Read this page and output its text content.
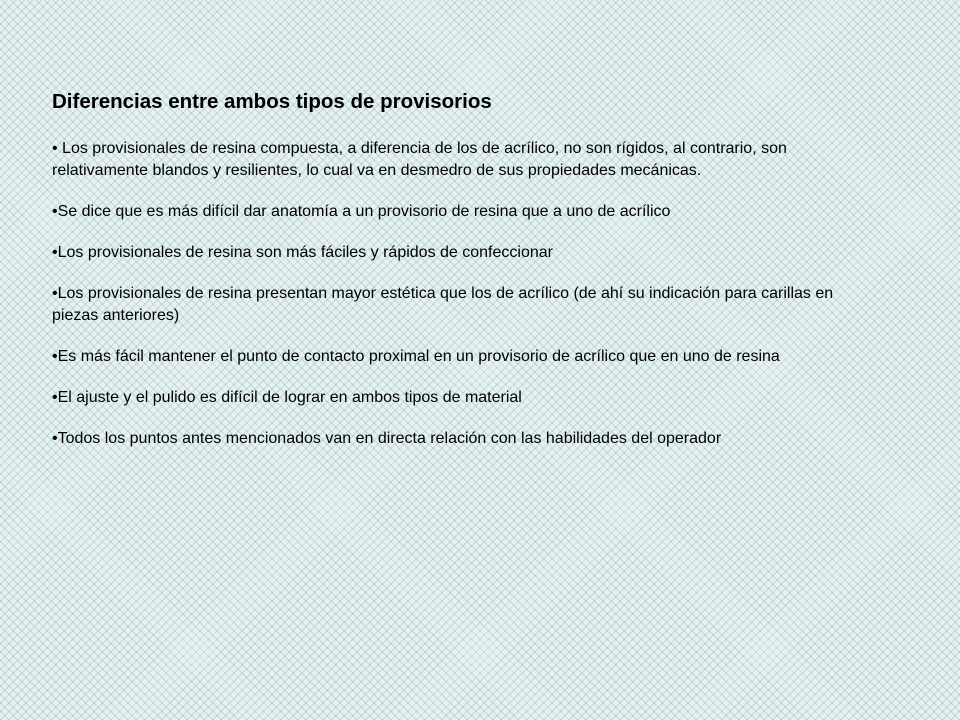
Diferencias entre ambos tipos de provisorios
• Los provisionales de resina compuesta, a diferencia de los de acrílico, no son rígidos, al contrario, son relativamente blandos y resilientes, lo cual va en desmedro de sus propiedades mecánicas.
•Se dice que es más difícil dar anatomía a un provisorio de resina que a uno de acrílico
•Los provisionales de resina son más fáciles y rápidos de confeccionar
•Los provisionales de resina presentan mayor estética que los de acrílico (de ahí su indicación para carillas en piezas anteriores)
•Es más fácil mantener el punto de contacto proximal en un provisorio de acrílico que en uno de resina
•El ajuste y el pulido es difícil de lograr en ambos tipos de material
•Todos los puntos antes mencionados van en directa relación con las habilidades del operador
